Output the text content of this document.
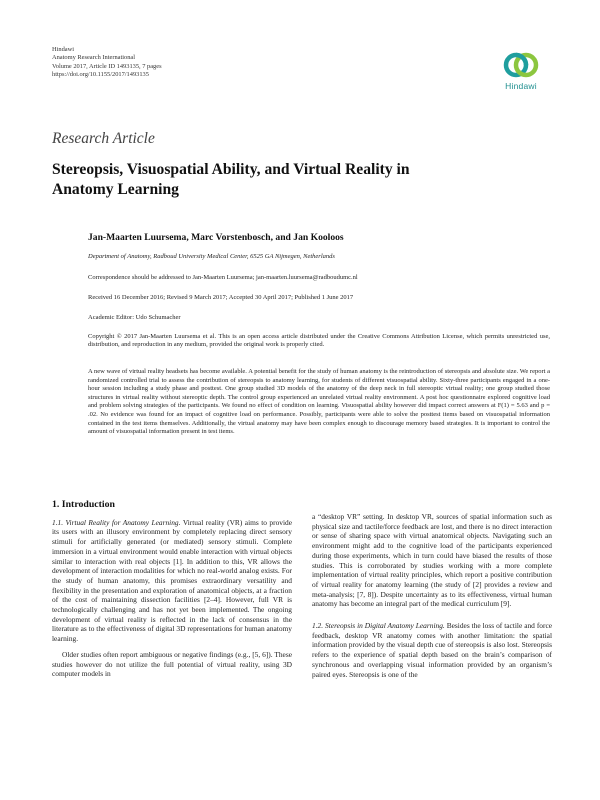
Hindawi
Anatomy Research International
Volume 2017, Article ID 1493135, 7 pages
https://doi.org/10.1155/2017/1493135
Hindawi
Research Article
Stereopsis, Visuospatial Ability, and Virtual Reality in Anatomy Learning
Jan-Maarten Luursema, Marc Vorstenbosch, and Jan Kooloos
Department of Anatomy, Radboud University Medical Center, 6525 GA Nijmegen, Netherlands
Correspondence should be addressed to Jan-Maarten Luursema; jan-maarten.luursema@radboudumc.nl
Received 16 December 2016; Revised 9 March 2017; Accepted 30 April 2017; Published 1 June 2017
Academic Editor: Udo Schumacher
Copyright © 2017 Jan-Maarten Luursema et al. This is an open access article distributed under the Creative Commons Attribution License, which permits unrestricted use, distribution, and reproduction in any medium, provided the original work is properly cited.

A new wave of virtual reality headsets has become available. A potential benefit for the study of human anatomy is the reintroduction of stereopsis and absolute size. We report a randomized controlled trial to assess the contribution of stereopsis to anatomy learning, for students of different visuospatial ability. Sixty-three participants engaged in a one-hour session including a study phase and posttest. One group studied 3D models of the anatomy of the deep neck in full stereoptic virtual reality; one group studied those structures in virtual reality without stereoptic depth. The control group experienced an unrelated virtual reality environment. A post hoc questionnaire explored cognitive load and problem solving strategies of the participants. We found no effect of condition on learning. Visuospatial ability however did impact correct answers at F(1) = 5.63 and p = .02. No evidence was found for an impact of cognitive load on performance. Possibly, participants were able to solve the posttest items based on visuospatial information contained in the test items themselves. Additionally, the virtual anatomy may have been complex enough to discourage memory based strategies. It is important to control the amount of visuospatial information present in test items.

1. Introduction

1.1. Virtual Reality for Anatomy Learning. Virtual reality (VR) aims to provide its users with an illusory environment by completely replacing direct sensory stimuli for artificially generated (or mediated) sensory stimuli. Complete immersion in a virtual environment would enable interaction with virtual objects similar to interaction with real objects [1]. In addition to this, VR allows the development of interaction modalities for which no real-world analog exists. For the study of human anatomy, this promises extraordinary versatility and flexibility in the presentation and exploration of anatomical objects, at a fraction of the cost of maintaining dissection facilities [2–4]. However, full VR is technologically challenging and has not yet been implemented. The ongoing development of virtual reality is reflected in the lack of consensus in the literature as to the effectiveness of digital 3D representations for human anatomy learning.

Older studies often report ambiguous or negative findings (e.g., [5, 6]). These studies however do not utilize the full potential of virtual reality, using 3D computer models in

a “desktop VR” setting. In desktop VR, sources of spatial information such as physical size and tactile/force feedback are lost, and there is no direct interaction or sense of sharing space with virtual anatomical objects. Navigating such an environment might add to the cognitive load of the participants experienced during those experiments, which in turn could have biased the results of those studies. This is corroborated by studies working with a more complete implementation of virtual reality principles, which report a positive contribution of virtual reality for anatomy learning (the study of [2] provides a review and meta-analysis; [7, 8]). Despite uncertainty as to its effectiveness, virtual human anatomy has become an integral part of the medical curriculum [9].

1.2. Stereopsis in Digital Anatomy Learning. Besides the loss of tactile and force feedback, desktop VR anatomy comes with another limitation: the spatial information provided by the visual depth cue of stereopsis is also lost. Stereopsis refers to the experience of spatial depth based on the brain’s comparison of synchronous and overlapping visual information provided by an organism’s paired eyes. Stereopsis is one of the
